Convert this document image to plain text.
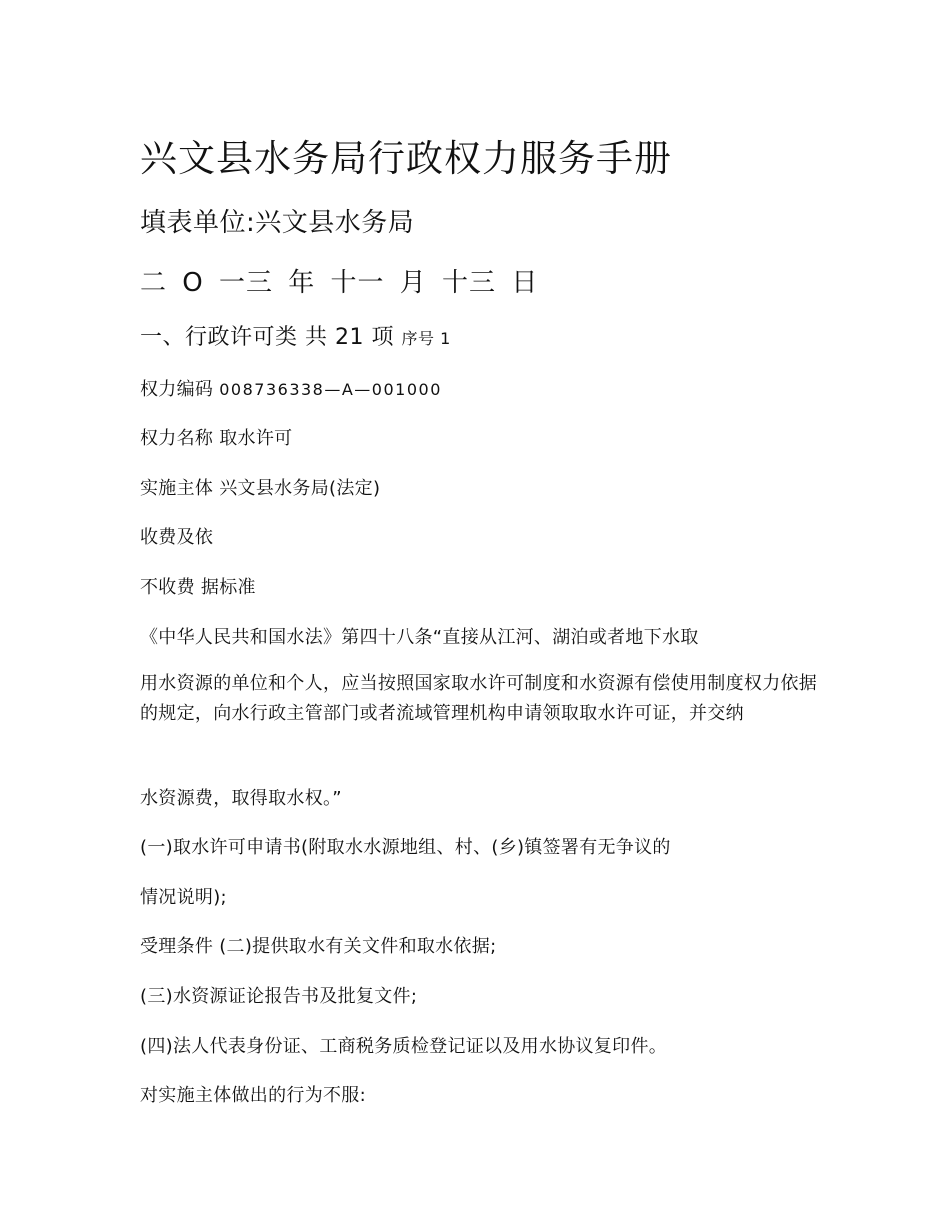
兴文县水务局行政权力服务手册
填表单位:兴文县水务局
二 O 一三 年 十一 月 十三 日
一、行政许可类 共 21 项 序号 1
权力编码 008736338—A—001000
权力名称 取水许可
实施主体 兴文县水务局(法定)
收费及依
不收费 据标准
《中华人民共和国水法》第四十八条“直接从江河、湖泊或者地下水取

用水资源的单位和个人，应当按照国家取水许可制度和水资源有偿使用制度权力依据 的规定，向水行政主管部门或者流域管理机构申请领取取水许可证，并交纳

水资源费，取得取水权。”
(一)取水许可申请书(附取水水源地组、村、(乡)镇签署有无争议的
情况说明);
受理条件 (二)提供取水有关文件和取水依据;
(三)水资源证论报告书及批复文件;
(四)法人代表身份证、工商税务质检登记证以及用水协议复印件。
对实施主体做出的行为不服:
